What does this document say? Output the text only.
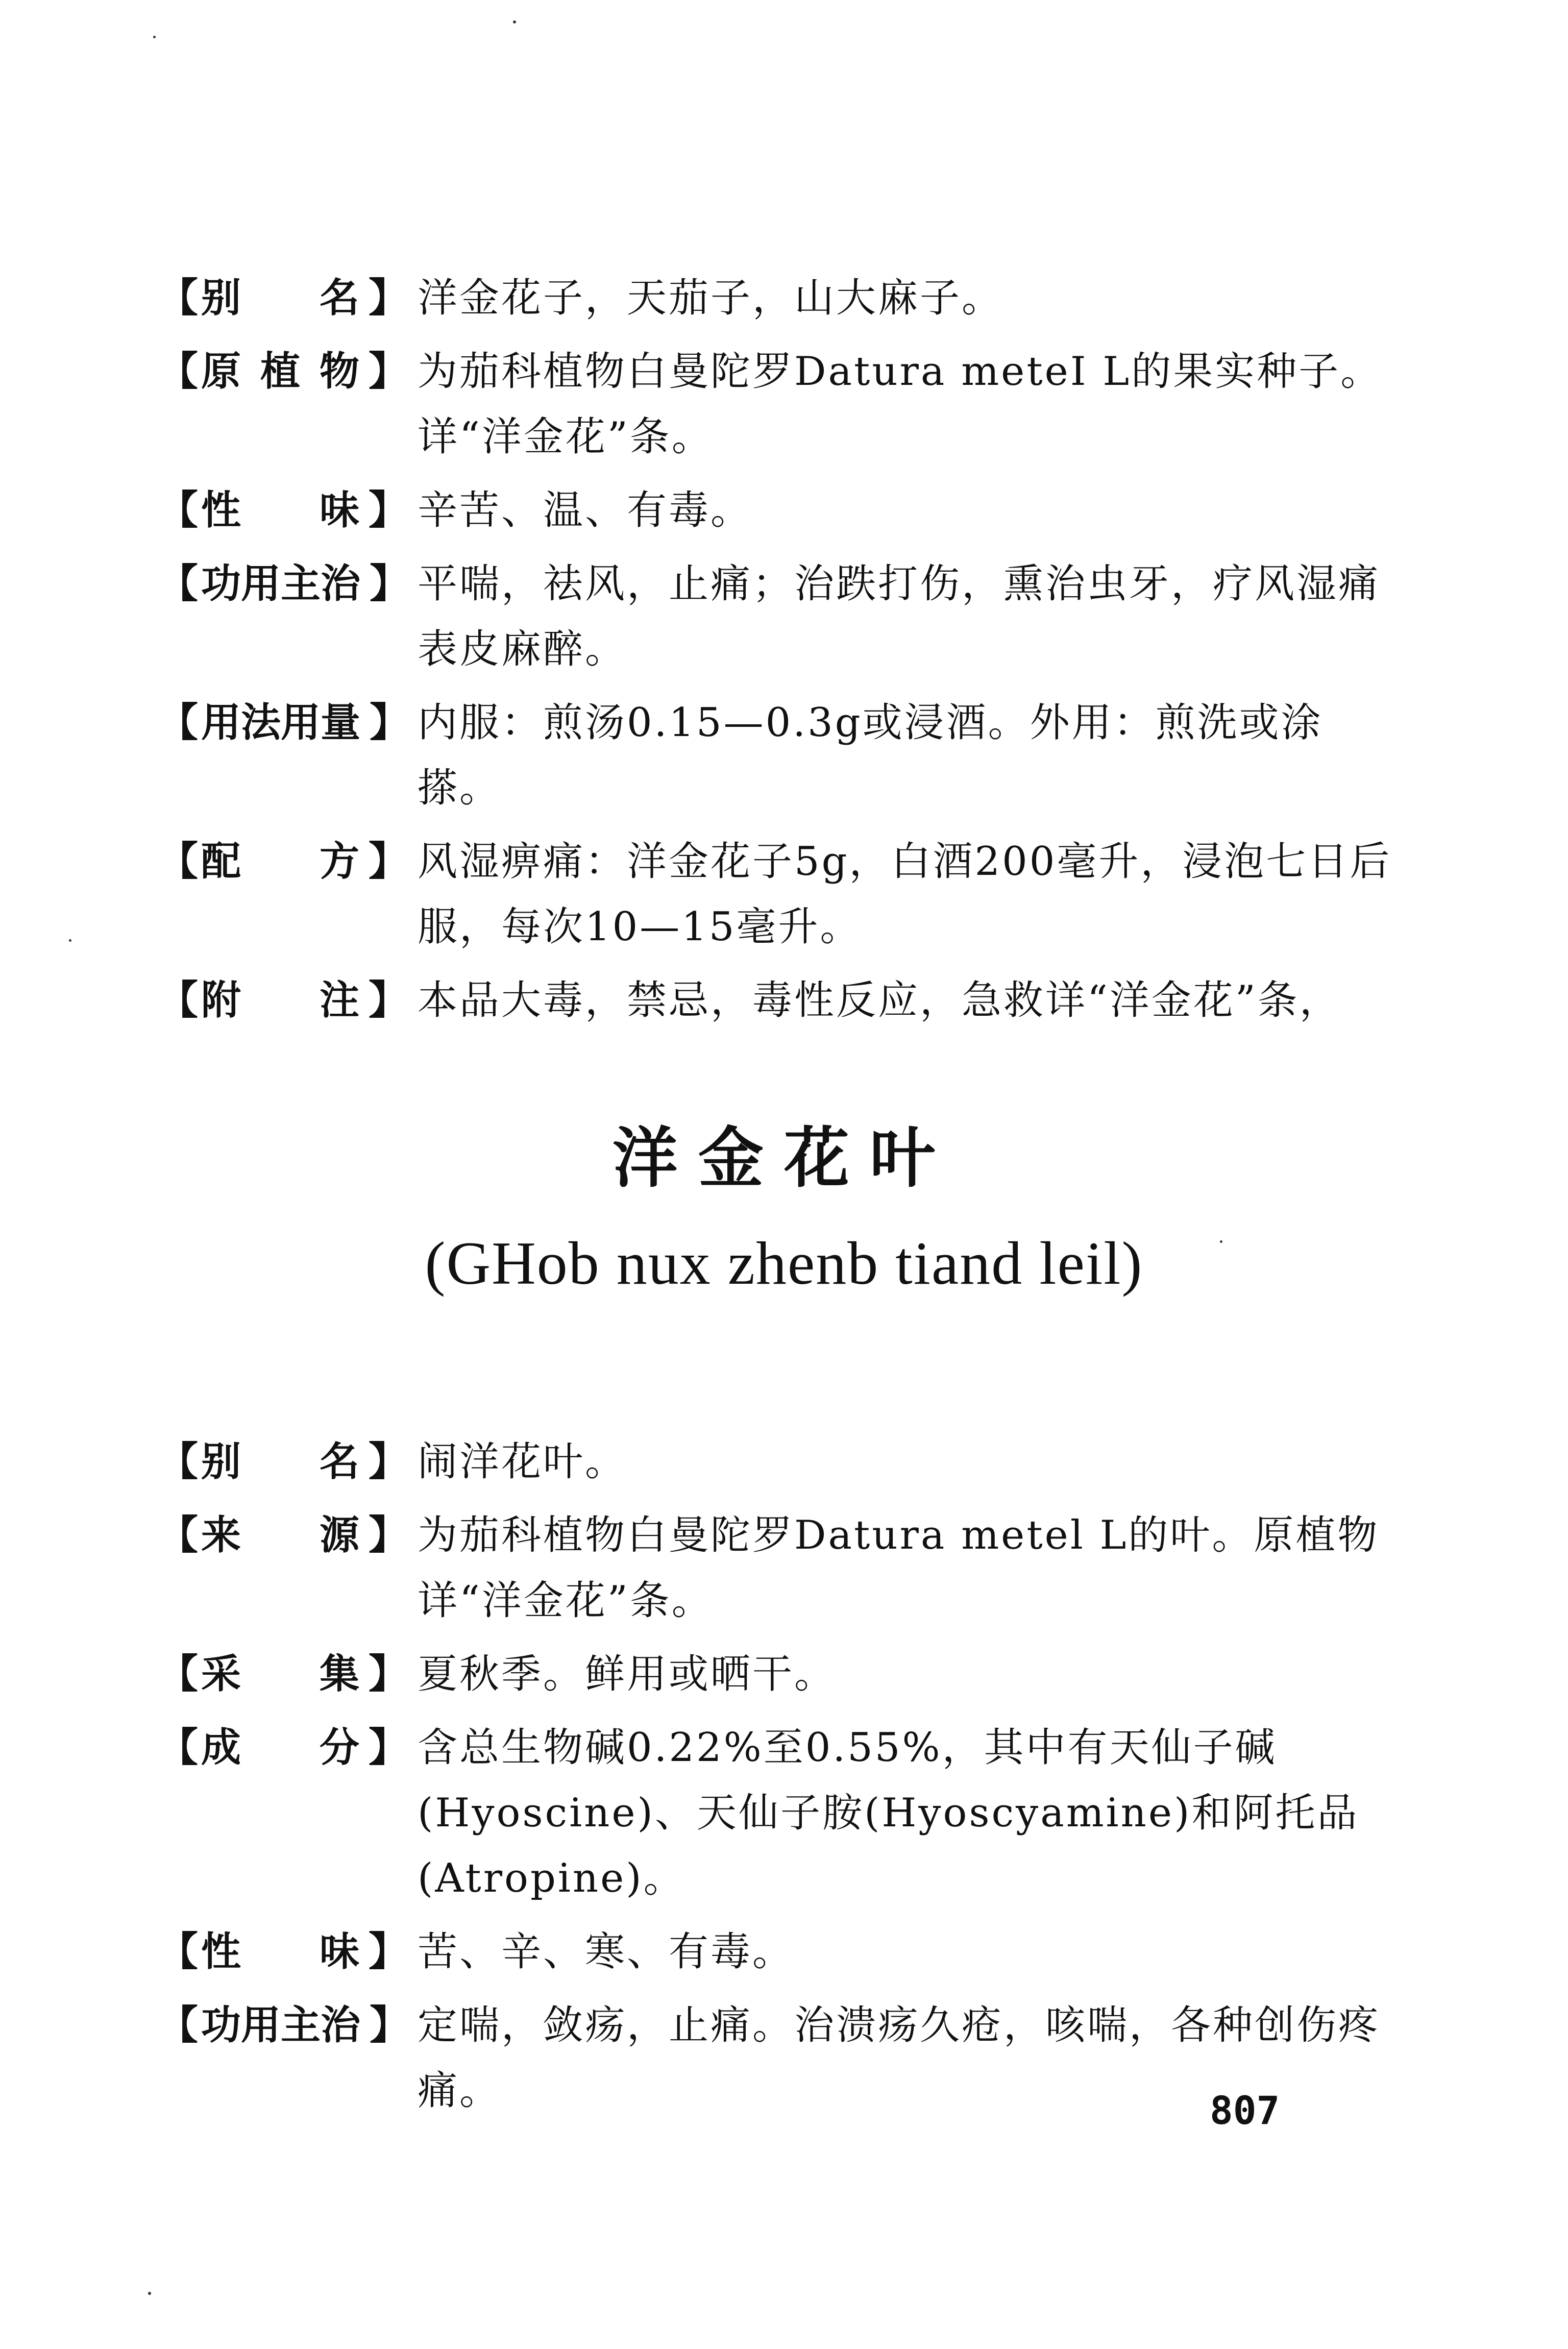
【 别 名 】 洋金花子，天茄子，山大麻子。
【 原 植 物 】 为茄科植物白曼陀罗Datura meteI L的果实种子。详“洋金花”条。
【 性 味 】 辛苦、温、有毒。
【 功 用 主 治 】 平喘，祛风，止痛；治跌打伤，熏治虫牙，疗风湿痛表皮麻醉。
【 用 法 用 量 】 内服：煎汤0.15—0.3g或浸酒。外用：煎洗或涂搽。
【 配 方 】 风湿痹痛：洋金花子5g，白酒200毫升，浸泡七日后服，每次10—15毫升。
【 附 注 】 本品大毒，禁忌，毒性反应，急救详“洋金花”条，
洋金花叶
(GHob nux zhenb tiand leil)
【 别 名 】 闹洋花叶。
【 来 源 】 为茄科植物白曼陀罗Datura metel L的叶。原植物详“洋金花”条。
【 采 集 】 夏秋季。鲜用或晒干。
【 成 分 】 含总生物碱0.22%至0.55%，其中有天仙子碱(Hyoscine)、天仙子胺(Hyoscyamine)和阿托品(Atropine)。
【 性 味 】 苦、辛、寒、有毒。
【 功 用 主 治 】 定喘，敛疡，止痛。治溃疡久疮，咳喘，各种创伤疼痛。	807
